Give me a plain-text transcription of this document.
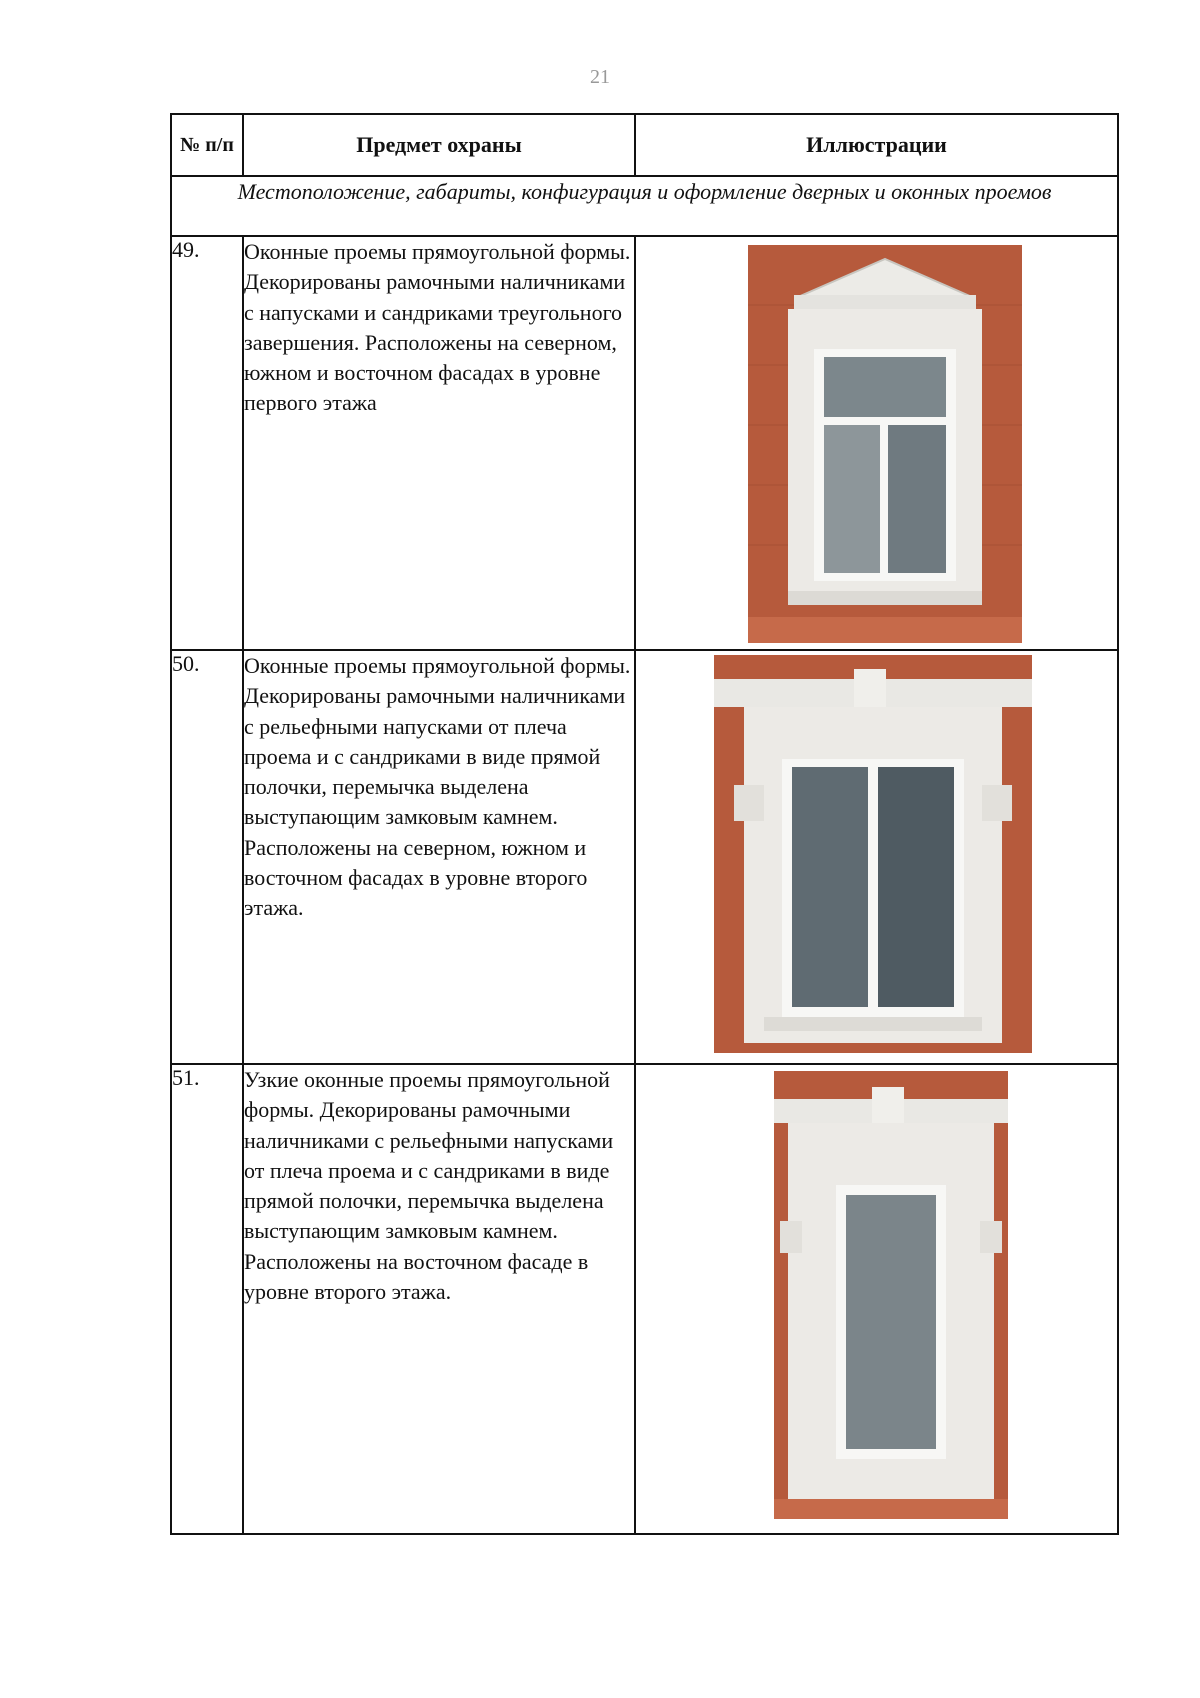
21
№ п/п	Предмет охраны	Иллюстрации
Местоположение, габариты, конфигурация и оформление дверных и оконных проемов		
49.	Оконные проемы прямоугольной формы. Декорированы рамочными наличниками с напусками и сандриками треугольного завершения. Расположены на северном, южном и восточном фасадах в уровне первого этажа	

50.	Оконные проемы прямоугольной формы. Декорированы рамочными наличниками с рельефными напусками от плеча проема и с сандриками в виде прямой полочки, перемычка выделена выступающим замковым камнем. Расположены на северном, южном и восточном фасадах в уровне второго этажа.	

51.	Узкие оконные проемы прямоугольной формы. Декорированы рамочными наличниками с рельефными напусками от плеча проема и с сандриками в виде прямой полочки, перемычка выделена выступающим замковым камнем. Расположены на восточном фасаде в уровне второго этажа.	
